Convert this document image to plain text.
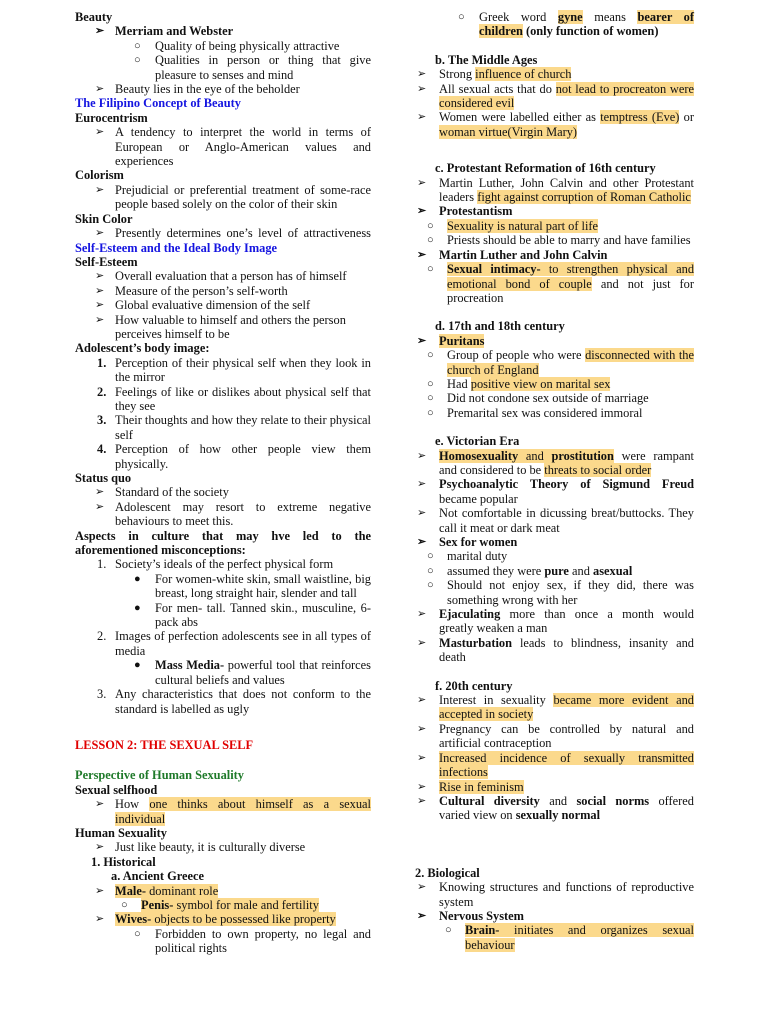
Beauty
➢ Merriam and Webster
○ Quality of being physically attractive
○ Qualities in person or thing that give pleasure to senses and mind
➢ Beauty lies in the eye of the beholder
The Filipino Concept of Beauty
Eurocentrism
➢ A tendency to interpret the world in terms of European or Anglo-American values and experiences
Colorism
➢ Prejudicial or preferential treatment of some-race people based solely on the color of their skin
Skin Color
➢ Presently determines one’s level of attractiveness
Self-Esteem and the Ideal Body Image
Self-Esteem
➢ Overall evaluation that a person has of himself
➢ Measure of the person’s self-worth
➢ Global evaluative dimension of the self
➢ How valuable to himself and others the person perceives himself to be
Adolescent’s body image:
1. Perception of their physical self when they look in the mirror
2. Feelings of like or dislikes about physical self that they see
3. Their thoughts and how they relate to their physical self
4. Perception of how other people view them physically.
Status quo
➢ Standard of the society
➢ Adolescent may resort to extreme negative behaviours to meet this.
Aspects in culture that may hve led to the aforementioned misconceptions:
1. Society’s ideals of the perfect physical form
● For women-white skin, small waistline, big breast, long straight hair, slender and tall
● For men- tall. Tanned skin., musculine, 6-pack abs
2. Images of perfection adolescents see in all types of media
● Mass Media- powerful tool that reinforces cultural beliefs and values
3. Any characteristics that does not conform to the standard is labelled as ugly
LESSON 2: THE SEXUAL SELF
Perspective of Human Sexuality
Sexual selfhood
➢ How one thinks about himself as a sexual individual
Human Sexuality
➢ Just like beauty, it is culturally diverse
1. Historical
a. Ancient Greece
➢ Male- dominant role
○ Penis- symbol for male and fertility
➢ Wives- objects to be possessed like property
○ Forbidden to own property, no legal and political rights
○ Greek word gyne means bearer of children (only function of women)
b. The Middle Ages
➢ Strong influence of church
➢ All sexual acts that do not lead to procreaton were considered evil
➢ Women were labelled either as temptress (Eve) or woman virtue(Virgin Mary)
c. Protestant Reformation of 16th century
➢ Martin Luther, John Calvin and other Protestant leaders fight against corruption of Roman Catholic
➢ Protestantism
○ Sexuality is natural part of life
○ Priests should be able to marry and have families
➢ Martin Luther and John Calvin
○ Sexual intimacy- to strengthen physical and emotional bond of couple and not just for procreation
d. 17th and 18th century
➢ Puritans
○ Group of people who were disconnected with the church of England
○ Had positive view on marital sex
○ Did not condone sex outside of marriage
○ Premarital sex was considered immoral
e. Victorian Era
➢ Homosexuality and prostitution were rampant and considered to be threats to social order
➢ Psychoanalytic Theory of Sigmund Freud became popular
➢ Not comfortable in dicussing breat/buttocks. They call it meat or dark meat
➢ Sex for women
○ marital duty
○ assumed they were pure and asexual
○ Should not enjoy sex, if they did, there was something wrong with her
➢ Ejaculating more than once a month would greatly weaken a man
➢ Masturbation leads to blindness, insanity and death
f. 20th century
➢ Interest in sexuality became more evident and accepted in society
➢ Pregnancy can be controlled by natural and artificial contraception
➢ Increased incidence of sexually transmitted infections
➢ Rise in feminism
➢ Cultural diversity and social norms offered varied view on sexually normal
2. Biological
➢ Knowing structures and functions of reproductive system
➢ Nervous System
○ Brain- initiates and organizes sexual behaviour
